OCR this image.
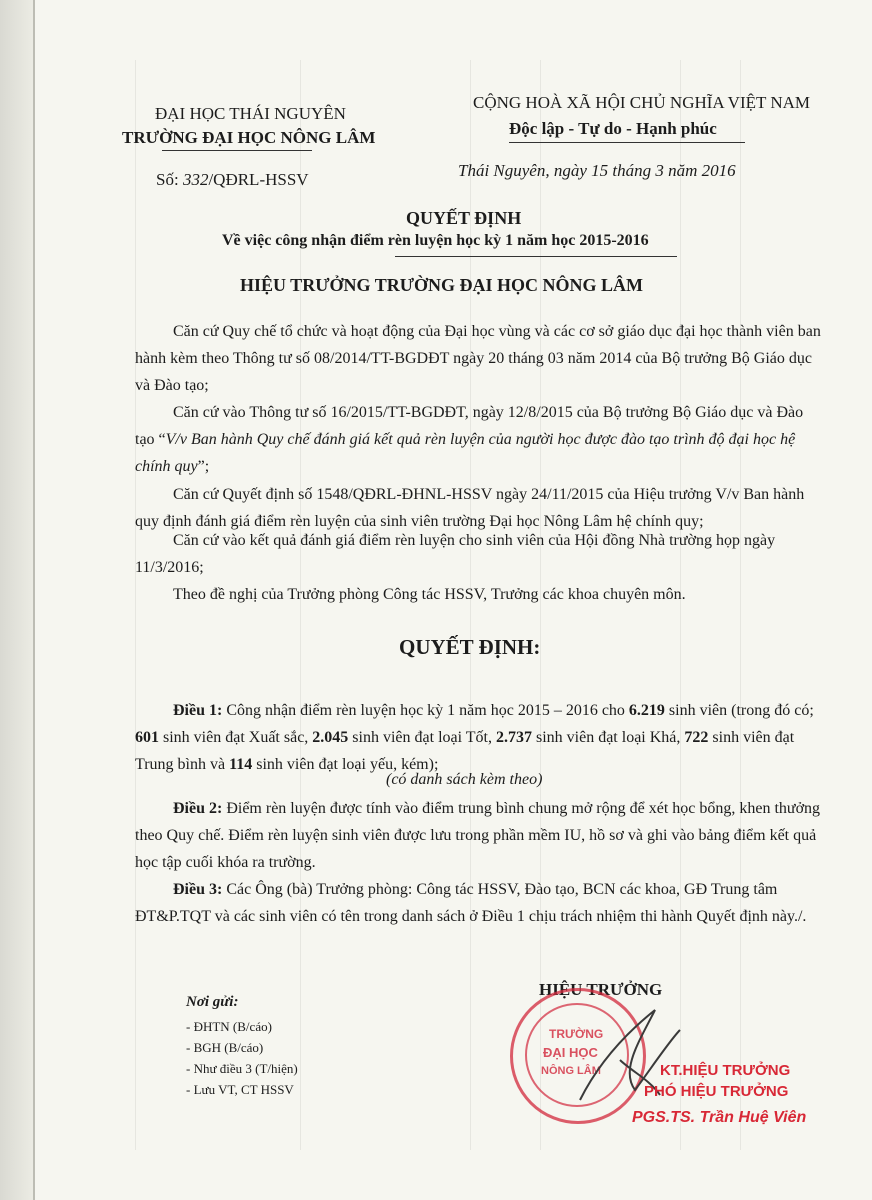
ĐẠI HỌC THÁI NGUYÊN
TRƯỜNG ĐẠI HỌC NÔNG LÂM
CỘNG HOÀ XÃ HỘI CHỦ NGHĨA VIỆT NAM
Độc lập - Tự do - Hạnh phúc
Số: 332/QĐRL-HSSV	Thái Nguyên, ngày 15 tháng 3 năm 2016
QUYẾT ĐỊNH
Về việc công nhận điểm rèn luyện học kỳ 1 năm học 2015-2016
HIỆU TRƯỞNG TRƯỜNG ĐẠI HỌC NÔNG LÂM
Căn cứ Quy chế tổ chức và hoạt động của Đại học vùng và các cơ sở giáo dục đại học thành viên ban hành kèm theo Thông tư số 08/2014/TT-BGDĐT ngày 20 tháng 03 năm 2014 của Bộ trưởng Bộ Giáo dục và Đào tạo;
Căn cứ vào Thông tư số 16/2015/TT-BGDĐT, ngày 12/8/2015 của Bộ trưởng Bộ Giáo dục và Đào tạo “V/v Ban hành Quy chế đánh giá kết quả rèn luyện của người học được đào tạo trình độ đại học hệ chính quy”;
Căn cứ Quyết định số 1548/QĐRL-ĐHNL-HSSV ngày 24/11/2015 của Hiệu trưởng V/v Ban hành quy định đánh giá điểm rèn luyện của sinh viên trường Đại học Nông Lâm hệ chính quy;
Căn cứ vào kết quả đánh giá điểm rèn luyện cho sinh viên của Hội đồng Nhà trường họp ngày 11/3/2016;
Theo đề nghị của Trưởng phòng Công tác HSSV, Trưởng các khoa chuyên môn.
QUYẾT ĐỊNH:
Điều 1: Công nhận điểm rèn luyện học kỳ 1 năm học 2015 – 2016 cho 6.219 sinh viên (trong đó có; 601 sinh viên đạt Xuất sắc, 2.045 sinh viên đạt loại Tốt, 2.737 sinh viên đạt loại Khá, 722 sinh viên đạt Trung bình và 114 sinh viên đạt loại yếu, kém);
(có danh sách kèm theo)
Điều 2: Điểm rèn luyện được tính vào điểm trung bình chung mở rộng để xét học bổng, khen thưởng theo Quy chế. Điểm rèn luyện sinh viên được lưu trong phần mềm IU, hồ sơ và ghi vào bảng điểm kết quả học tập cuối khóa ra trường.
Điều 3: Các Ông (bà) Trưởng phòng: Công tác HSSV, Đào tạo, BCN các khoa, GĐ Trung tâm ĐT&P.TQT và các sinh viên có tên trong danh sách ở Điều 1 chịu trách nhiệm thi hành Quyết định này./.
Nơi gửi:
- ĐHTN (B/cáo)
- BGH (B/cáo)
- Như điều 3 (T/hiện)
- Lưu VT, CT HSSV
HIỆU TRƯỞNG
TRƯỜNG
ĐẠI HỌC
NÔNG LÂM	KT.HIỆU TRƯỞNG
PHÓ HIỆU TRƯỞNG
PGS.TS. Trần Huệ Viên
